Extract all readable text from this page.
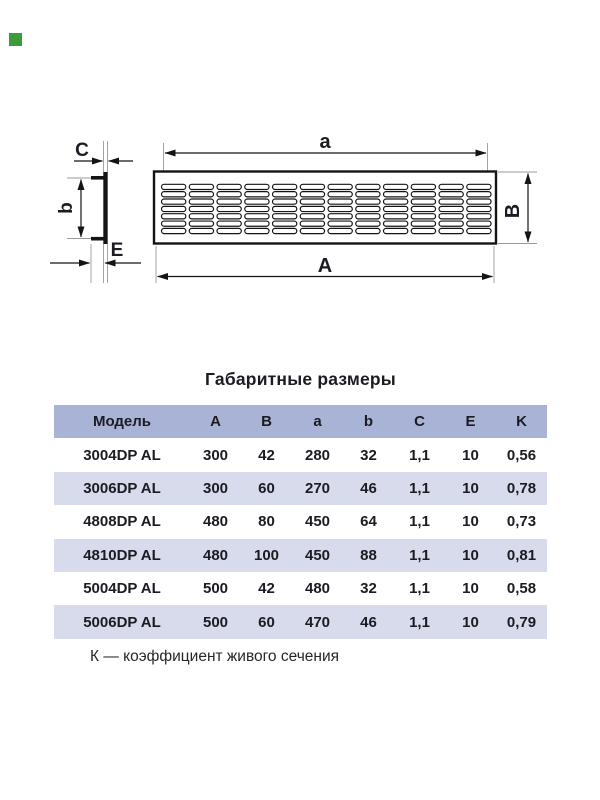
C
b
E
a
A
B
Габаритные размеры
Модель	A	B	a	b	C	E	K
3004DP AL	300	42	280	32	1,1	10	0,56
3006DP AL	300	60	270	46	1,1	10	0,78
4808DP AL	480	80	450	64	1,1	10	0,73
4810DP AL	480	100	450	88	1,1	10	0,81
5004DP AL	500	42	480	32	1,1	10	0,58
5006DP AL	500	60	470	46	1,1	10	0,79
К — коэффициент живого сечения
